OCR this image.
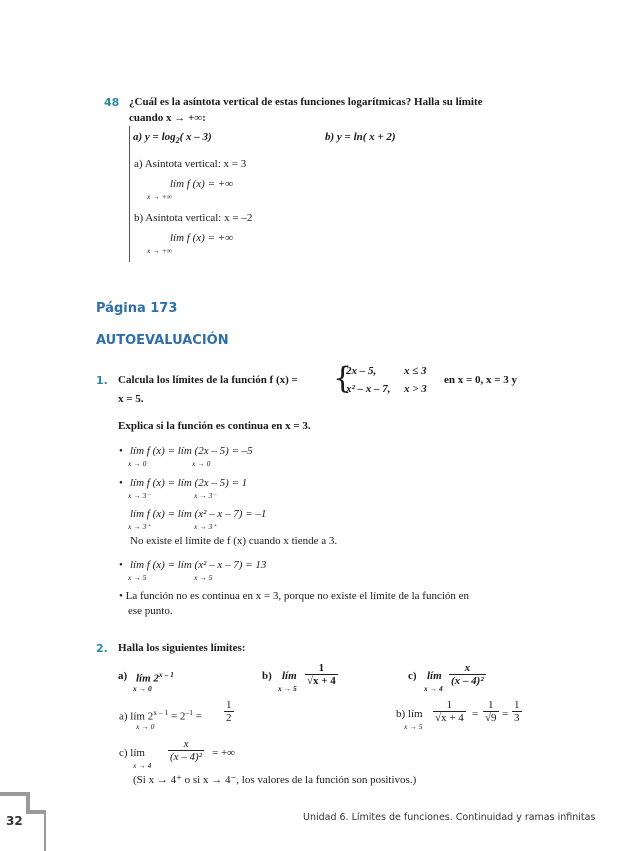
48 ¿Cuál es la asíntota vertical de estas funciones logarítmicas? Halla su límite
cuando x → +∞:
a) $y = \log_2$( x – 3)	b) y = ln( x + 2)
a) Asíntota vertical: x = 3
lím f (x) = +∞
x → +∞
b) Asíntota vertical: x = –2
lím f (x) = +∞
x → +∞
Página 173
AUTOEVALUACIÓN
1. Calcula los límites de la función f (x) = {
2x – 5,	x ≤ 3
x² – x – 7, x > 3
en x = 0, x = 3 y
x = 5.
Explica si la función es continua en x = 3.
• lím f (x) = lím (2x – 5) = –5
x → 0	x → 0
• lím f (x) = lím (2x – 5) = 1
x → 3⁻	x → 3⁻
lím f (x) = lím (x² – x – 7) = –1
x → 3⁺	x → 3⁺
No existe el límite de f (x) cuando x tiende a 3.
• lím f (x) = lím (x² – x – 7) = 13
x → 5	x → 5
• La función no es continua en x = 3, porque no existe el límite de la función en
ese punto.
2. Halla los siguientes límites:
a) lím 2$^{x - 1}$
x → 0
b) lím $\frac{1}{√x + 4}$
x → 5
c) lím $\frac{x}{\text{(x – 4)²}}$
x → 4
a) lím $2^{x - 1} = 2^{-1} = \frac{1}{2}$
x → 0
b) lím $\frac{1}{√x + 4} = \frac{1}{√9} = \frac{1}{3}$
x → 5
c) lím $\frac{x}{\text{(x – 4)²}}$ = +∞
x → 4
(Si x → 4⁺ o si x → 4⁻, los valores de la función son positivos.)
32	Unidad 6. Límites de funciones. Continuidad y ramas infinitas
